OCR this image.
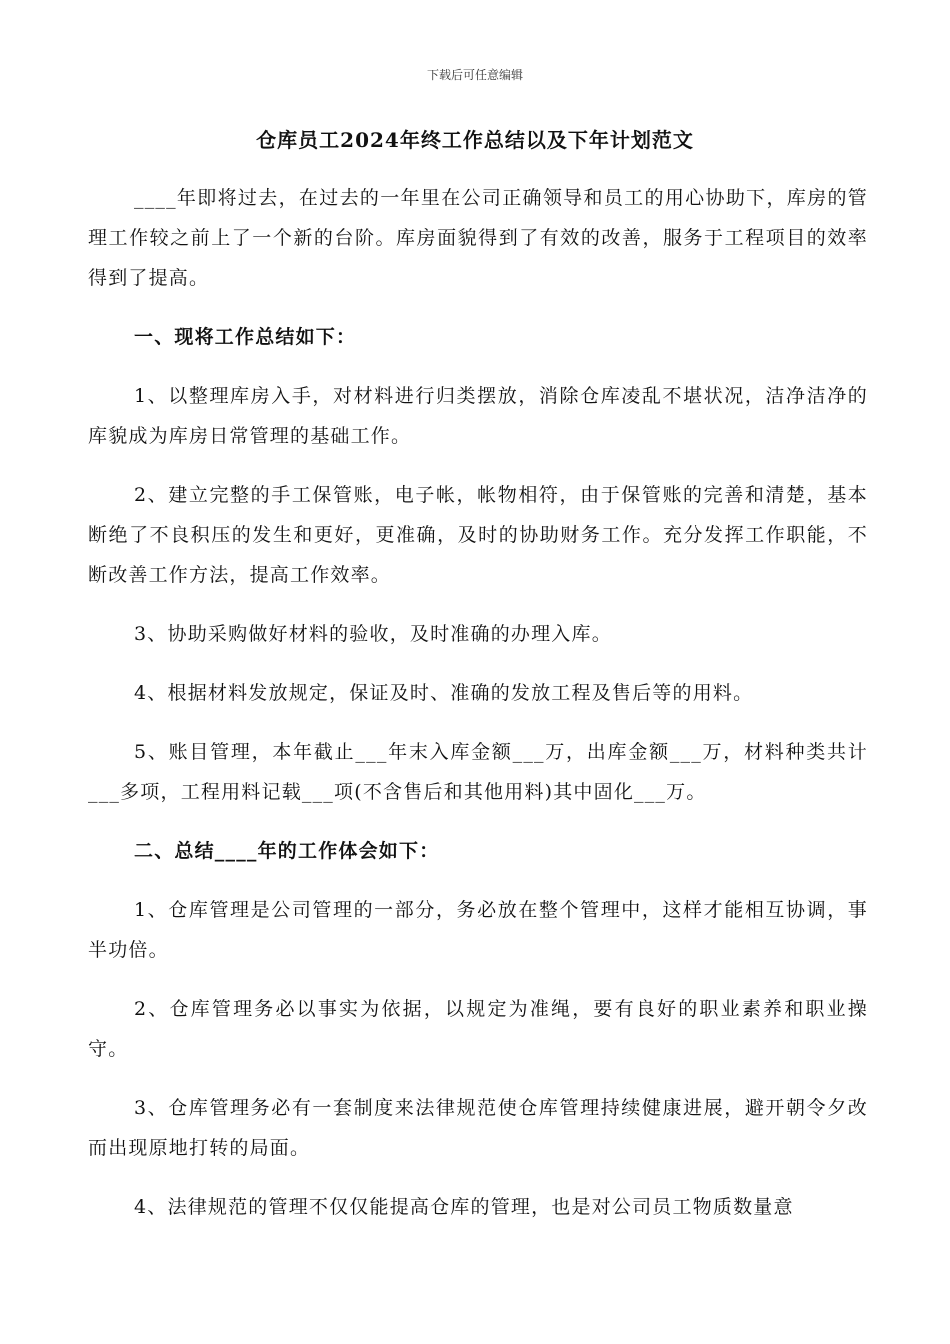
下载后可任意编辑
仓库员工2024年终工作总结以及下年计划范文

____年即将过去，在过去的一年里在公司正确领导和员工的用心协助下，库房的管理工作较之前上了一个新的台阶。库房面貌得到了有效的改善，服务于工程项目的效率得到了提高。

一、现将工作总结如下：

1、以整理库房入手，对材料进行归类摆放，消除仓库凌乱不堪状况，洁净洁净的　　库貌成为库房日常管理的基础工作。

2、建立完整的手工保管账，电子帐，帐物相符，由于保管账的完善和清楚，基本断绝了不良积压的发生和更好，更准确，及时的协助财务工作。充分发挥工作职能，不断改善工作方法，提高工作效率。

3、协助采购做好材料的验收，及时准确的办理入库。

4、根据材料发放规定，保证及时、准确的发放工程及售后等的用料。

5、账目管理，本年截止___年末入库金额___万，出库金额___万，材料种类共计___多项，工程用料记载___项(不含售后和其他用料)其中固化___万。

二、总结____年的工作体会如下：

1、仓库管理是公司管理的一部分，务必放在整个管理中，这样才能相互协调，事半功倍。

2、仓库管理务必以事实为依据，以规定为准绳，要有良好的职业素养和职业操守。

3、仓库管理务必有一套制度来法律规范使仓库管理持续健康进展，避开朝令夕改而出现原地打转的局面。

4、法律规范的管理不仅仅能提高仓库的管理，也是对公司员工物质数量意
